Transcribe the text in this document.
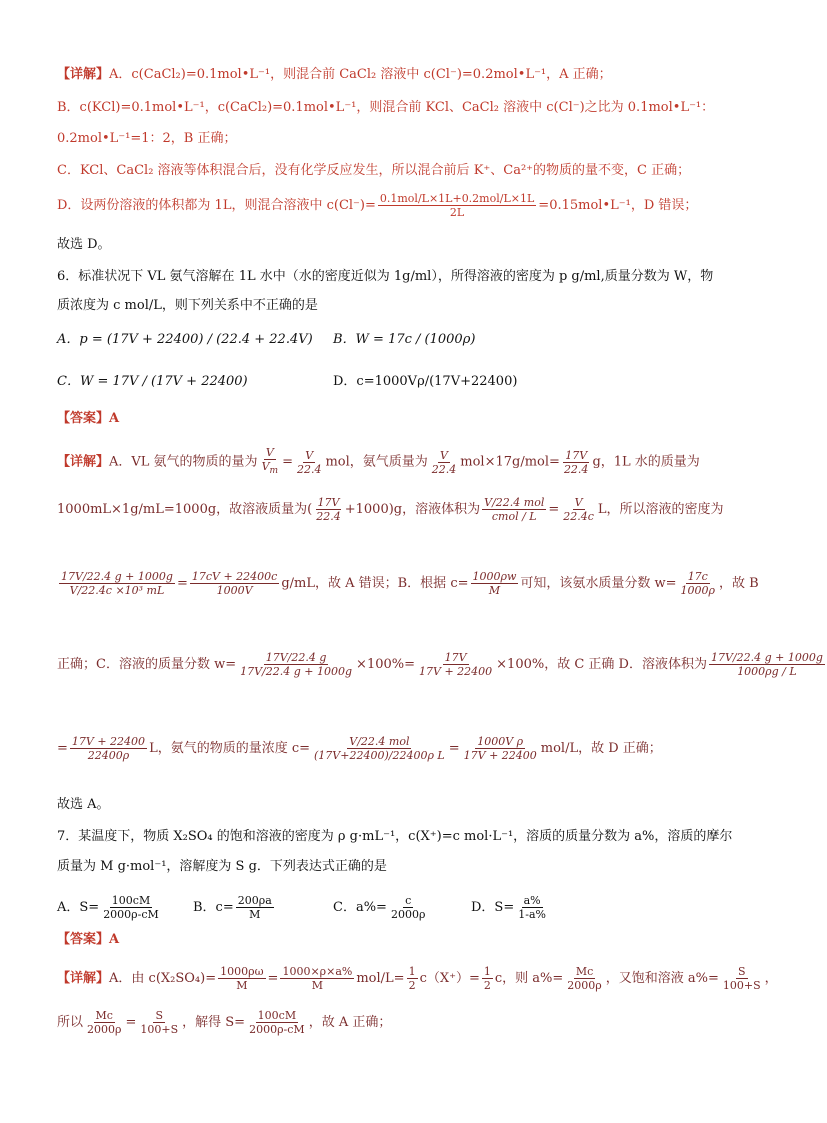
【详解】A．c(CaCl₂)=0.1mol•L⁻¹，则混合前 CaCl₂ 溶液中 c(Cl⁻)=0.2mol•L⁻¹，A 正确；
B．c(KCl)=0.1mol•L⁻¹，c(CaCl₂)=0.1mol•L⁻¹，则混合前 KCl、CaCl₂ 溶液中 c(Cl⁻)之比为 0.1mol•L⁻¹：
0.2mol•L⁻¹=1：2，B 正确；
C．KCl、CaCl₂ 溶液等体积混合后，没有化学反应发生，所以混合前后 K⁺、Ca²⁺的物质的量不变，C 正确；
D．设两份溶液的体积都为 1L，则混合溶液中 $c(Cl^-)= \frac{\text{0.1mol/L×1L+0.2mol/L×1L}}{2L}$ =0.15mol•L⁻¹，D 错误；
故选 D。
6．标准状况下 VL 氨气溶解在 1L 水中（水的密度近似为 1g/ml），所得溶液的密度为 p g/ml,质量分数为 W，物
质浓度为 c mol/L，则下列关系中不正确的是
A．p = (17V + 22400) / (22.4 + 22.4V) B．W = 17c / (1000ρ)
C．W = 17V / (17V + 22400)	D．c=1000Vρ/(17V+22400)
【答案】A
【详解】A．VL 氨气的物质的量为 $\frac{V}{V_m} = \frac{V}{22.4}$ mol，氨气质量为 $\frac{V}{22.4} mol\times 17g/mol= \frac{17V}{22.4}$ g，1L 水的质量为
1000mL×1g/mL=1000g，故溶液质量为( $\frac{17V}{22.4} +1000)g$，溶液体积为 $\frac{\text{V/22.4 mol}}{\text{cmol / L}} = \frac{V}{22.4c}$ L，所以溶液的密度为
$\frac{17V/22.4 g + 1000g}{\text{V/22.4c ×10³ mL}} = \frac{17cV + 22400c}{1000V} g/mL$，故 A 错误；B．根据 $c= \frac{1000\rho w}{M}$ 可知，该氨水质量分数 $w= \frac{17c}{1000\rho}$ ，故 B
正确；C．溶液的质量分数 $w= \frac{17V/22.4 g}{17V/22.4 g + 1000g} \times 100\%= \frac{17V}{17V + 22400} \times 100\%$，故 C 正确 D．溶液体积为 $\frac{17V/22.4 g + 1000g}{1000\rho g / L}$
= $\frac{17V + 22400}{22400\rho}$ L，氨气的物质的量浓度 $c= \frac{\text{V/22.4 mol}}{\text{(17V+22400)/22400ρ L}} = \frac{\text{1000V ρ}}{17V + 22400} mol/L$，故 D 正确；
故选 A。
7．某温度下，物质 X₂SO₄ 的饱和溶液的密度为 ρ g·mL⁻¹，c(X⁺)=c mol·L⁻¹，溶质的质量分数为 a%，溶质的摩尔
质量为 M g·mol⁻¹，溶解度为 S g．下列表达式正确的是
A．$S= \frac{100cM}{2000\rho-cM}$ B．$c= \frac{200\rho a}{M}$	C．$a\%= \frac{c}{2000\rho}$	D．$S= \frac{a\%}{1-a\%}$
【答案】A
【详解】A．由 $c(X_2SO_4)= \frac{1000\rho\omega}{M} = \frac{1000\times\rho\times a\%}{M} mol/L= \frac{1}{2} c(X^+)= \frac{1}{2}$ c，则 $a\%= \frac{Mc}{2000\rho}$ ，又饱和溶液 $a\%= \frac{S}{100+S}$ ，
所以 $\frac{Mc}{2000\rho} = \frac{S}{100+S}$ ，解得 $S= \frac{100cM}{2000\rho-cM}$ ，故 A 正确；
